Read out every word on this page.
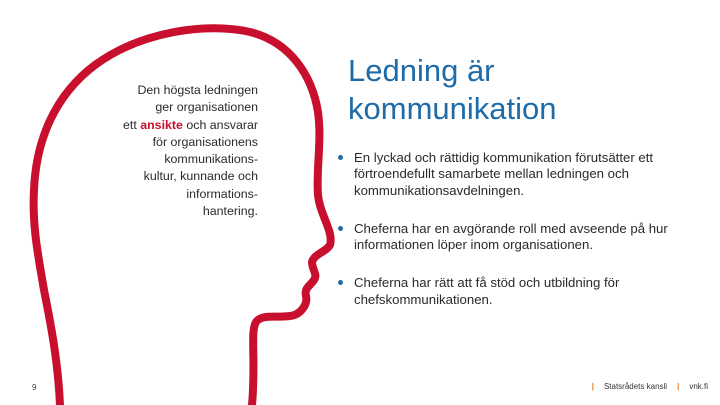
Den högsta ledningen
ger organisationen
ett ansikte och ansvarar
för organisationens
kommunikations-
kultur, kunnande och
informations-
hantering.
Ledning är
kommunikation
En lyckad och rättidig kommunikation förutsätter ett förtroendefullt samarbete mellan ledningen och kommunikationsavdelningen.
Cheferna har en avgörande roll med avseende på hur informationen löper inom organisationen.
Cheferna har rätt att få stöd och utbildning för chefskommunikationen.
9	| Statsrådets kansli | vnk.fi
